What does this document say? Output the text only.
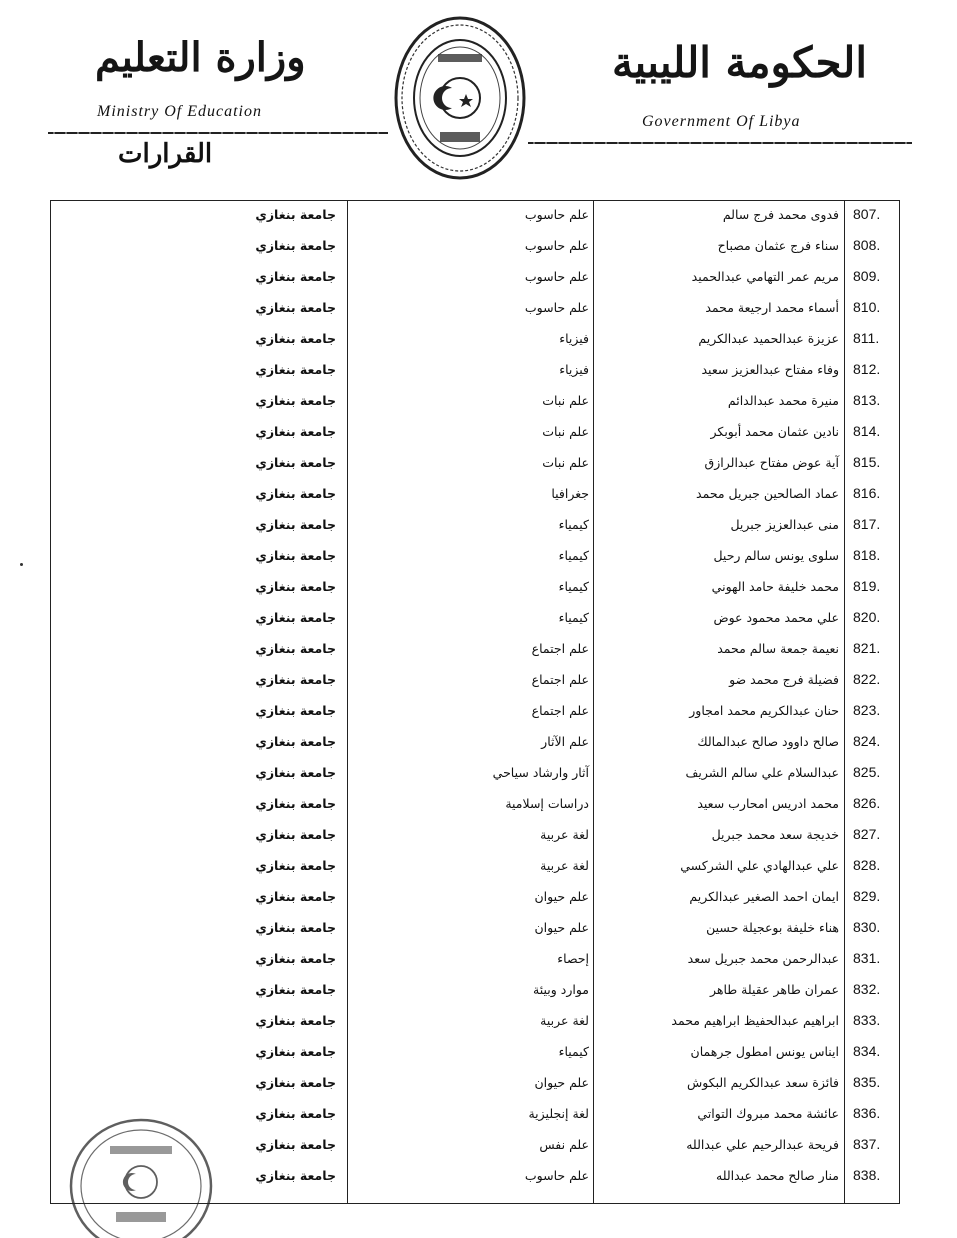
وزارة التعليم
Ministry Of Education
الحكومة الليبية
Government Of Libya
القرارات
807.
فدوى محمد فرج سالم
علم حاسوب
جامعة بنغازي
808.
سناء فرج عثمان مصباح
علم حاسوب
جامعة بنغازي
809.
مريم عمر التهامي عبدالحميد
علم حاسوب
جامعة بنغازي
810.
أسماء محمد ارجيعة محمد
علم حاسوب
جامعة بنغازي
811.
عزيزة عبدالحميد عبدالكريم
فيزياء
جامعة بنغازي
812.
وفاء مفتاح عبدالعزيز سعيد
فيزياء
جامعة بنغازي
813.
منيرة محمد عبدالدائم
علم نبات
جامعة بنغازي
814.
نادين عثمان محمد أبوبكر
علم نبات
جامعة بنغازي
815.
آية عوض مفتاح عبدالرازق
علم نبات
جامعة بنغازي
816.
عماد الصالحين جبريل محمد
جغرافيا
جامعة بنغازي
817.
منى عبدالعزيز جبريل
كيمياء
جامعة بنغازي
818.
سلوى يونس سالم رحيل
كيمياء
جامعة بنغازي
819.
محمد خليفة حامد الهوني
كيمياء
جامعة بنغازي
820.
علي محمد محمود عوض
كيمياء
جامعة بنغازي
821.
نعيمة جمعة سالم محمد
علم اجتماع
جامعة بنغازي
822.
فضيلة فرج محمد ضو
علم اجتماع
جامعة بنغازي
823.
حنان عبدالكريم محمد امجاور
علم اجتماع
جامعة بنغازي
824.
صالح داوود صالح عبدالمالك
علم الآثار
جامعة بنغازي
825.
عبدالسلام علي سالم الشريف
آثار وارشاد سياحي
جامعة بنغازي
826.
محمد ادريس امحارب سعيد
دراسات إسلامية
جامعة بنغازي
827.
خديجة سعد محمد جبريل
لغة عربية
جامعة بنغازي
828.
علي عبدالهادي علي الشركسي
لغة عربية
جامعة بنغازي
829.
ايمان احمد الصغير عبدالكريم
علم حيوان
جامعة بنغازي
830.
هناء خليفة بوعجيلة حسين
علم حيوان
جامعة بنغازي
831.
عبدالرحمن محمد جبريل سعد
إحصاء
جامعة بنغازي
832.
عمران طاهر عقيلة طاهر
موارد وبيئة
جامعة بنغازي
833.
ابراهيم عبدالحفيظ ابراهيم محمد
لغة عربية
جامعة بنغازي
834.
ايناس يونس امطول جرهمان
كيمياء
جامعة بنغازي
835.
فائزة سعد عبدالكريم البكوش
علم حيوان
جامعة بنغازي
836.
عائشة محمد مبروك التواتي
لغة إنجليزية
جامعة بنغازي
837.
فريحة عبدالرحيم علي عبدالله
علم نفس
جامعة بنغازي
838.
منار صالح محمد عبدالله
علم حاسوب
جامعة بنغازي
